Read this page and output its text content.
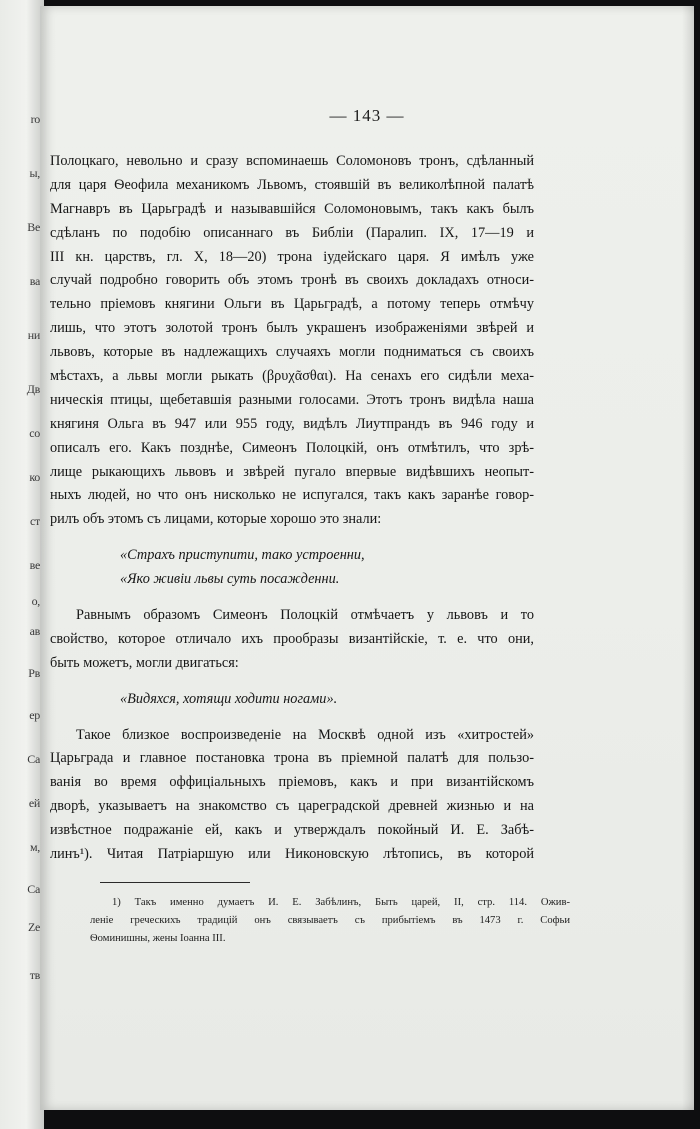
ro
ы,
Ве
ва
ни
Дв
со
ко
ст
ве
о,
ав
Рв
ер
Са
ей
м,
Са
Ze
тв
— 143 —
Полоцкаго, невольно и сразу вспоминаешь Соломоновъ тронъ, сдѣланный
для царя Ѳеофила механикомъ Львомъ, стоявшій въ великолѣпной палатѣ
Магнавръ въ Царьградѣ и называвшійся Соломоновымъ, такъ какъ былъ
сдѣланъ по подобію описаннаго въ Библіи (Паралип. IX, 17—19 и
III кн. царствъ, гл. X, 18—20) трона іудейскаго царя. Я имѣлъ уже
случай подробно говорить объ этомъ тронѣ въ своихъ докладахъ относи-
тельно пріемовъ княгини Ольги въ Царьградѣ, а потому теперь отмѣчу
лишь, что этотъ золотой тронъ былъ украшенъ изображеніями звѣрей и
львовъ, которые въ надлежащихъ случаяхъ могли подниматься съ своихъ
мѣстахъ, а львы могли рыкать (βρυχᾶσθαι). На сенахъ его сидѣли меха-
ническія птицы, щебетавшія разными голосами. Этотъ тронъ видѣла наша
княгиня Ольга въ 947 или 955 году, видѣлъ Лиутпрандъ въ 946 году и
описалъ его. Какъ позднѣе, Симеонъ Полоцкій, онъ отмѣтилъ, что зрѣ-
лище рыкающихъ львовъ и звѣрей пугало впервые видѣвшихъ неопыт-
ныхъ людей, но что онъ нисколько не испугался, такъ какъ заранѣе говор-
рилъ объ этомъ съ лицами, которые хорошо это знали:
«Страхъ приступити, тако устроенни,
«Яко живіи львы суть посажденни.
Равнымъ образомъ Симеонъ Полоцкій отмѣчаетъ у львовъ и то
свойство, которое отличало ихъ прообразы византійскіе, т. е. что они,
быть можетъ, могли двигаться:
«Видяхся, хотящи ходити ногами».
Такое близкое воспроизведеніе на Москвѣ одной изъ «хитростей»
Царьграда и главное постановка трона въ пріемной палатѣ для пользо-
ванія во время оффиціальныхъ пріемовъ, какъ и при византійскомъ
дворѣ, указываетъ на знакомство съ цареградской древней жизнью и на
извѣстное подражаніе ей, какъ и утверждалъ покойный И. Е. Забѣ-
линъ¹). Читая Патріаршую или Никоновскую лѣтопись, въ которой
1) Такъ именно думаетъ И. Е. Забѣлинъ, Быть царей, II, стр. 114. Ожив-
леніе греческихъ традицій онъ связываетъ съ прибытіемъ въ 1473 г. Софьи
Ѳоминишны, жены Іоанна III.
